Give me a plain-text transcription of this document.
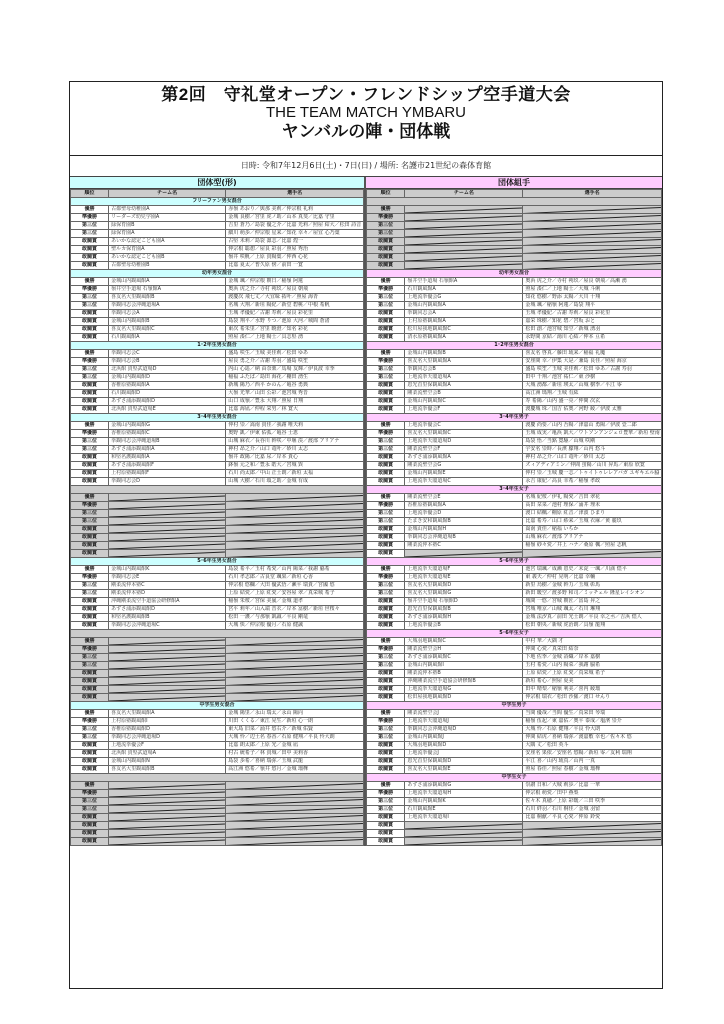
第2回　守礼堂オープン・フレンドシップ空手道大会
THE TEAM MATCH YMBARU
ヤンバルの陣・団体戦
日時: 令和7年12月6日(土)・7日(日) / 場所: 名護市21世紀の森体育館
団体型(形)
順位	チーム名	選手名
フリーファン男女混合		
優勝	古都聖母幼稚園A	赤嶺 あおり／與那 美莉／仲宗根 礼莉
準優勝	リーダーズ幼児学園A	金城 良樹／宮里 虎ノ助／山本 真斐／比嘉 守里
第三位	緑保育園B	吉里 蒼乃／島袋 優之介／比嘉 光莉／照屋 結大／松田 詩音
第三位	緑保育園A	細川 萌歩／仲宗根 星来／知花 幸々／屋宜 心乃葉
敢闘賞	あいかな認定こども園A	古堅 未莉／島袋 凛志／比嘉 煌一
敢闘賞	聖ルカ保育園A	仲宗根 聡憩／屋良 彩羽／照屋 秀治
敢闘賞	あいかな認定こども園B	嶺井 咲帆／上原 貴陽葉／仲西 心花
敢闘賞	古都聖母幼稚園B	比嘉 夏太／普久原 傍／前田 一寛
幼年男女混合		
優勝	金城山内観風館A	金城 颯／仲宗根 朝日／稲嶺 阿蓮
準優勝	嶺井空手道場 石嶺館A	奥浜 虎之介／寺村 朔玖／屋良 朝飛
第三位	喜友名大里観風館B	渡慶次 飛七丈／大宜味 拓叶／照屋 海青
第三位	拳観同志会沖縄道場A	名城 大翔／新垣 陽紀／新堂 碧桃／中根 希帆
敢闘賞	拳観同志会A	玉城 孝優紀／古謝 寿莉／屋良 彩花里
敢闘賞	金城山内観風館B	島袋 翔平／水野 りつ／池原 大河／城間 蒼渚
敢闘賞	喜友名大里観風館C	東次 希朱里／宮里 暁澄／知名 彩花
敢闘賞	石川観風館A	照屋 湊仁／上地 陽士／具志堅 湧
1･2年生男女混合		
優勝	拳観同志会C	盛島 咲生／玉城 美佳莉／松田 ゆあ
準優勝	拳観同志会B	屋良 勇之介／古謝 寿羽／盛島 咲笙
第三位	北浜館 貴堅武道場D	内山 心遥／納 由奈栗／馬場 友輝／伊良波 幸季
第三位	金城山内観風館D	稲福 ふたば／島田 海花／棚田 湧生
敢闘賞	香椎原塾観風館A	新城 陽乃／西平 かのん／亀谷 勇典
敢闘賞	石川観風館D	大嶺 光華／山田 公彩／池宮城 秀晋
敢闘賞	あずさ浦添観風館D	山口 成嶺／豊永 大翔／照屋 日翔
敢闘賞	北浜館 貴堅武道場E	比嘉 海凪／仲程 栄男／林 寛大
3･4年生男女混合		
優勝	金城山内観風館G	仲村 崇／嵩南 貴佳／我謝 唯夫莉
準優勝	香椎原塾観風館C	奥野 凱／伊東 佑弧／亀谷 士恵
第三位	拳観同志会沖縄道場B	山城 麻衣／長谷川 幹咲／中堰 渓／渡部 アリアナ
第三位	あずさ浦添観風館A	神村 昂之介／山口 竜叶／砂川 太志
敢闘賞	和堅名護観風館A	嶺井 政陽／比嘉 尿／岸本 貴心
敢闘賞	あずさ浦添観風館F	鉢嶺 元之和／豊永 皓大／宮城 巽
敢闘賞	上村原塾観風館F	石川 尚太郎／中山 正士朗／新垣 太福
敢闘賞	拳観同志会D	山城 大樹／石川 頌之助／金城 有成

優勝		
準優勝		
第三位		
第三位		
敢闘賞		
敢闘賞		
敢闘賞		
敢闘賞		
5･6年生男女混合		
優勝	金城山内観風館K	島袋 希平／玉村 希愛／山内 陽菜／我謝 脇希
準優勝	拳観同志会E	石川 孝志郎／古良堂 颯果／新垣 心香
第三位	剛柔流仲本塾C	仲宗根 悠欄／大田 優武悟／瀬平 瑞貴／宮國 悠
第三位	剛柔流仲本塾D	上原 結愛／上原 紅愛／安谷屋 翠／真栄城 希子
敢闘賞	沖縄剛柔流空手道協会研修館A	稲嶺 朱桜／宮保 美嵐／金城 道孝
敢闘賞	あずさ浦添観風館D	宮平 莉年／山入端 晋衣／岸本 冨樹／新垣 世桜々
敢闘賞	和堅名護観風館B	松田 一護／与那嶺 凱誠／平良 剛竜
敢闘賞	拳観同志会沖縄道場C	大城 快／仲宗根 優月／石原 健誠

優勝		
準優勝		
第三位		
第三位		
敢闘賞		
敢闘賞		
敢闘賞		
敢闘賞		
中学生男女混合		
優勝	喜友名大里観風館A	金城 陽里／永山 瑞太／永山 陽向
準優勝	上村原塾観風館I	川田 くくる／東江 晃生／新垣 心一朗
第三位	香椎原塾観風館D	東大島 旧菜／涌井 悠右介／新城 佑賢
第三位	拳観同志会沖縄道場D	大城 怜／辺土名 春香／石原 健翔／平良 怜大朗
敢闘賞	上地流拳優会F	比嘉 朗太郎／上原 光／金城 凪
敢闘賞	北浜館 貴堅武道場A	村古 統希子／林 貴城／田中 美莉香
敢闘賞	金城山内観風館N	島袋 歩希／喜納 瑞弥／玉城 武龍
敢闘賞	喜友名大里観風館B	高江洲 悠希／嶺井 悠月／金城 瑠樺

優勝		
準優勝		
第三位		
第三位		
敢闘賞		
敢闘賞		
敢闘賞		
敢闘賞		
団体組手
順位	チーム名	選手名

優勝		
準優勝		
第三位		
第三位		
敢闘賞		
敢闘賞		
敢闘賞		
敢闘賞		
幼年男女混合		
優勝	嶺井空手道場 石嶺館A	奥浜 虎之介／寺村 朔玖／屋良 朝飛／高瀬 湧
準優勝	石川観風館A	照屋 湊仁／上地 陽士／大城 斗俐
第三位	上地流拳優会G	知花 悠樹／野添 太陽／大川 十翔
第三位	金城山内観風館A	金城 颯／稲嶺 阿蓮／島袋 翔平
敢闘賞	拳観同志会A	玉城 孝優紀／古謝 寿莉／屋良 彩花里
敢闘賞	上村原塾観風館A	嘉栄 珠樹／知花 碧／宮坂 おと
敢闘賞	松川屋我地観風館C	松田 創／池宮城 知空／新城 湧羽
敢闘賞	清水原塾観風館A	永野間 京結／湯川 心結／仲本 亘希
1･2年生男女混合		
優勝	金城山内観風館B	喜友名 啓真／藤田 琉来／稲福 礼魔
準優勝	喜友名大里観風館A	安座間 幸／伊集 大是／兼島 良佳／照屋 海京
第三位	拳観同志会B	盛島 咲笙／玉城 美佳莉／松田 ゆあ／古謝 寿羽
第三位	上地流拳天閣道場A	田中 千翔／池宮 祐仁／東 沙樹
敢闘賞	恩光首里保観風館A	大城 湧都／新垣 瑛太／山城 樹季／平江 零
敢闘賞	剛柔流聖空会B	高江洲 瑪翔／玉城 有紘
敢闘賞	金城山内観風館C	寿 希陽／山内 盛一亮／仲間 次玄
敢闘賞	上地流拳優会F	渡慶城 珠／国吉 佑奥／河野 綾／伊波 太雅
3･4年生男子		
優勝	上地流拳優会C	渡慶 尚要／山内 吾陽／津嘉山 勇陽／伊波 壹二郎
準優勝	喜友名大里観風館C	玉城 成実／亀浜 凱大／ワトソンアンジェロ豊華／新垣 壁南
第三位	上地流拳天閣道場D	島袋 悟／当銘 寛駆／山城 咲剛
第三位	剛柔流聖空会F	宇安名 崇時／長濱 朦翔／山内 悠斗
敢闘賞	あずさ浦添観風館A	神村 昂之介／山口 竜叶／砂川 太志
敢闘賞	剛柔流聖空会G	ズィアディアミン／仲間 蛍陽／山川 昇馬／東原 欣寛
敢闘賞	金城山内観風館E	仲村 崇／玉城 慶一志／トゥイトゥレレアバガ ユギキエル脇
敢闘賞	上地流拳天閣道場C	永吉 康紀／高良 幸希／稲嶺 孝政
3･4年生女子		
優勝	剛柔流聖空会E	名城 紀桜／伊礼 陽愛／吉田 翠花
準優勝	香椎原塾観風館A	高田 栞菜／池村 理保／涌井 理未
第三位	上地流拳優会D	渡口 結楓／棚原 紅音／津波 ひまり
第三位	たまき安和観風館B	比嘉 希寿／山口 紗来／玉城 衣麻／黄 麗玖
敢闘賞	金城山内観風館H	嵩南 貴佳／稲福 いちか
敢闘賞	拳観同志会沖縄道場B	山城 麻衣／渡部 アリアナ
敢闘賞	剛柔流仲本塾C	稲嶺 紗々愛／井上 ハナ／桑原 楓／照屋 志帆
敢闘賞		
5･6年生男子		
優勝	上地流拳天閣道場F	池宮 瑞颯／成瀬 恩史／末淀 一颯／川満 煌平
準優勝	上地流拳天閣道場E	東 義天／仲村 晃明／比嘉 幸輔
第三位	喜友名大里観風館D	新里 烏樹／金城 幹力／玉城 彰馬
第三位	喜友名大里観風館G	新田 暖空／渡多野 和司／ミッチェル 隆星レイシオン
敢闘賞	嶺井空手道場 石嶺館D	城間 一悠／宮城 朝匠／冨島 昇之
敢闘賞	恩光首里保観風館B	宮城 唯京／山城 颯太／石川 琳翔
敢闘賞	あずさ浦添観風館H	金城 法汐真／前田 光士朗／平良 幸之丞／吉浜 煌人
敢闘賞	上地流拳優会B	松田 朝央／新城 虎治朗／具嶺 龍翔
5･6年生女子		
優勝	大城羽地観風館C	中村 華／大隅 才
準優勝	剛柔流聖空会H	仲間 心愛／真栄田 結奈
第三位	あずさ浦添観風館C	下地 佐季／金城 詩織／岸本 嘉樹
第三位	金城山内観風館I	玉村 希愛／山内 陽菜／我謝 脇希
敢闘賞	剛柔流仲本塾B	上原 結愛／上原 紅愛／真栄城 希子
敢闘賞	沖縄剛柔流空手道協会研修館B	新垣 希心／照屋 夏美
敢闘賞	上地流拳天閣道場G	田中 晴梨／稲嶺 利美／喜内 綾瑠
敢闘賞	松田屋我地観風館D	仲宗根 瑞衣／松田 沙羅／渡口 せんり
中学生男子		
優勝	剛柔流聖空会J	当間 優哉／当間 優生／真栄田 琴瑞
準優勝	上地流拳天閣道場J	稲嶺 伍起／東 嘉佑／奥平 泰成／塩濱 崇介
第三位	拳観同志会沖縄道場D	大城 怜／石原 健翔／平良 怜大朗
第三位	金城山内観風館J	仲間 結虎／喜納 瑞弥／渡嘉敷 幸也／佐々木 悠
敢闘賞	大城羽地観風館D	大隅 丈／松田 英斗
敢闘賞	上地流拳優会J	安座名 果依／安座名 悠陽／新垣 零／友利 瑞翔
敢闘賞	恩光首里保観風館D	平江 喜／山内 琉真／山内 一真
敢闘賞	喜友名大里観風館E	照屋 春佳／照屋 春樹／金城 瑠樺
中学生女子		
優勝	あずさ浦添観風館G	崇讃 日和／大城 莉歩／比嘉 一華
準優勝	上地流拳天閣道場H	仲宗根 萌愛／田中 燕梨
第三位	金城山内観風館K	佐々木 真穂／上原 彩暖／三田 咲季
第三位	石川観風館E	石川 絆羽／石川 桐佳／金城 羽留
敢闘賞	上地流拳天閣道場I	比嘉 桐献／平良 心愛／仲原 鈴愛
敢闘賞		
敢闘賞		
敢闘賞		
